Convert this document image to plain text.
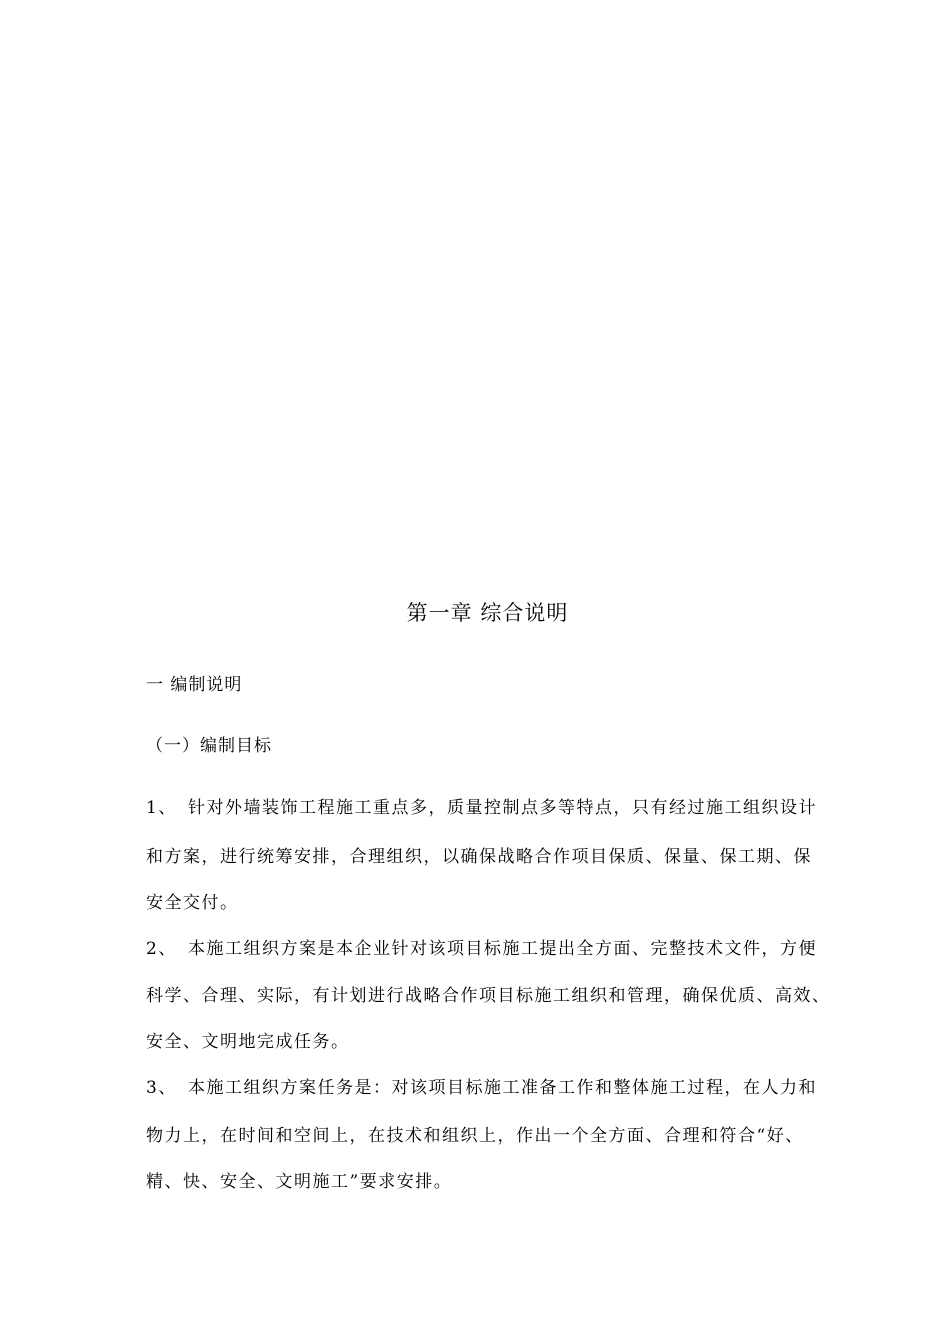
第一章 综合说明
一 编制说明
（一）编制目标
1、 针对外墙装饰工程施工重点多，质量控制点多等特点，只有经过施工组织设计
和方案，进行统筹安排，合理组织，以确保战略合作项目保质、保量、保工期、保
安全交付。
2、 本施工组织方案是本企业针对该项目标施工提出全方面、完整技术文件，方便
科学、合理、实际，有计划进行战略合作项目标施工组织和管理，确保优质、高效、
安全、文明地完成任务。
3、 本施工组织方案任务是：对该项目标施工准备工作和整体施工过程，在人力和
物力上，在时间和空间上，在技术和组织上，作出一个全方面、合理和符合“好、
精、快、安全、文明施工”要求安排。
